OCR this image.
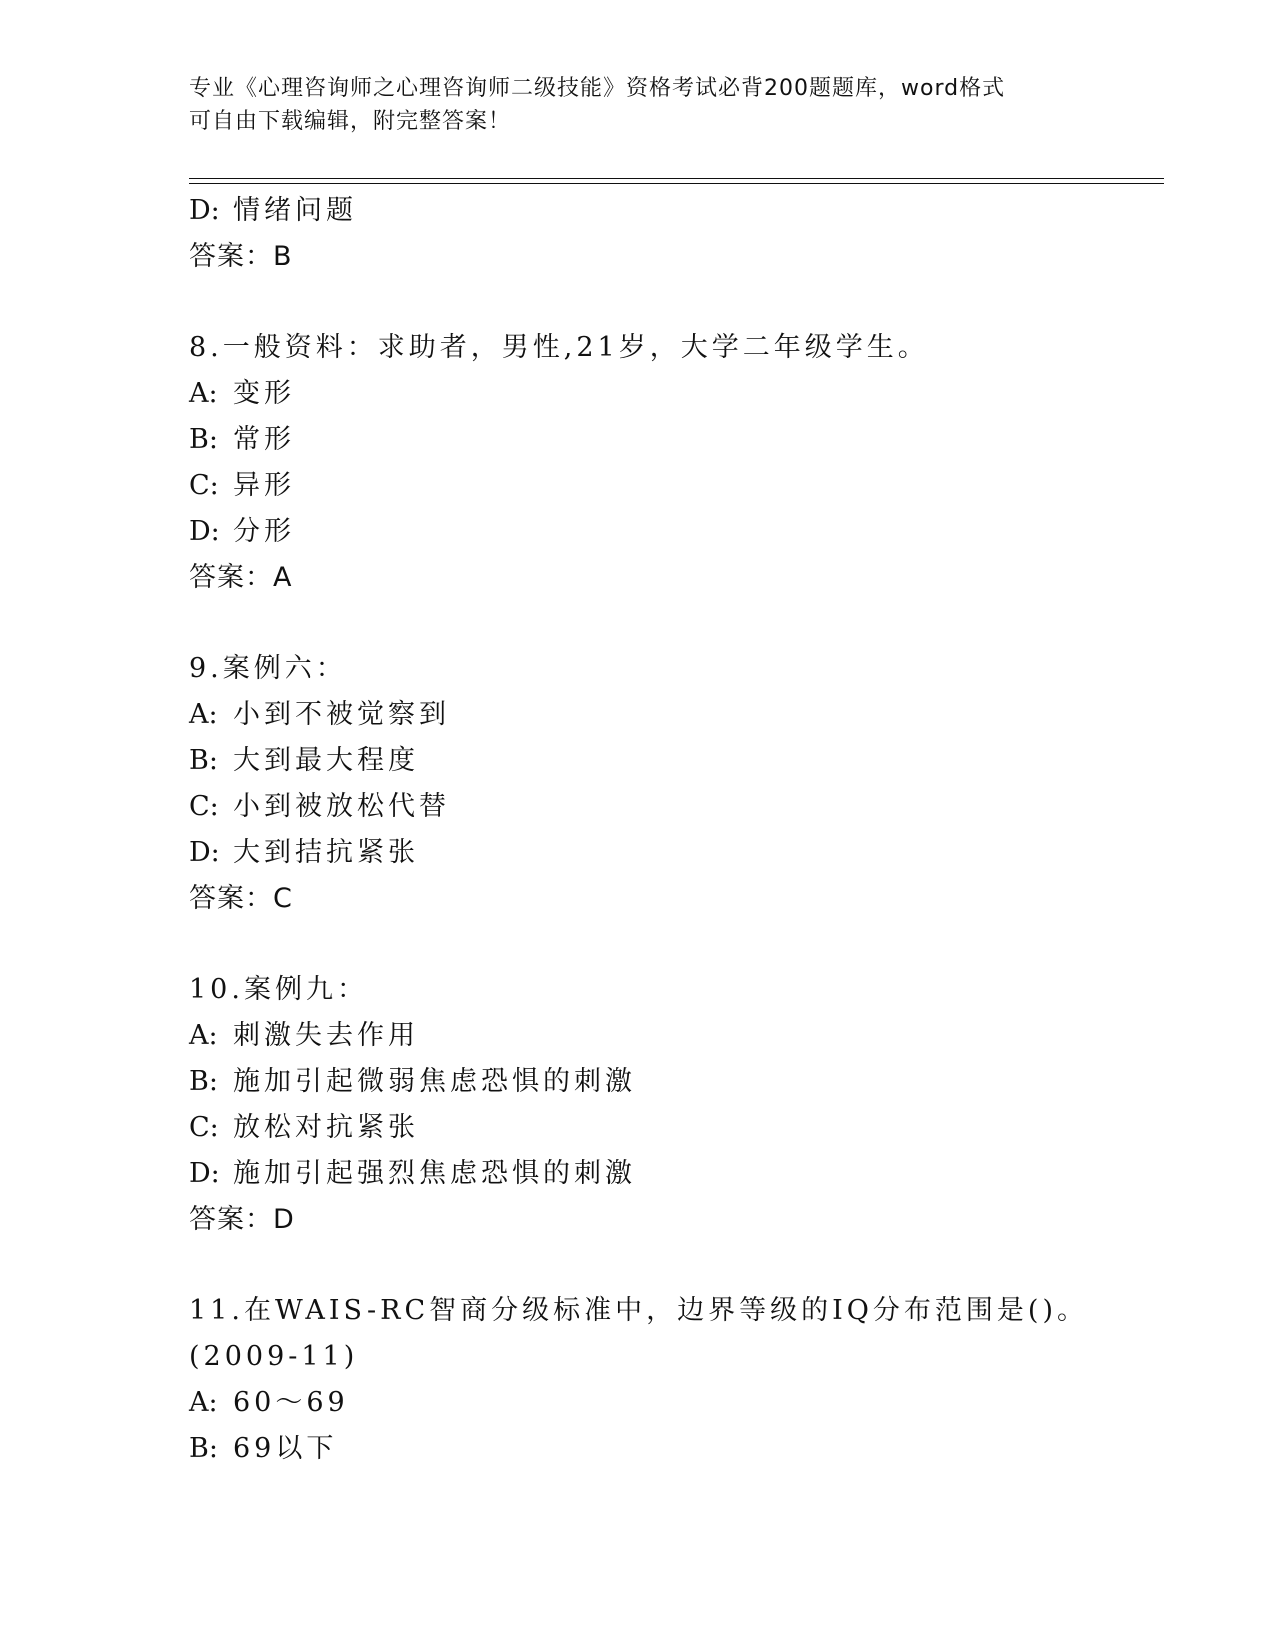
专业《心理咨询师之心理咨询师二级技能》资格考试必背200题题库，word格式
可自由下载编辑，附完整答案！
D: 情绪问题
答案：B
8.一般资料：求助者，男性,21岁，大学二年级学生。
A: 变形
B: 常形
C: 异形
D: 分形
答案：A
9.案例六：
A: 小到不被觉察到
B: 大到最大程度
C: 小到被放松代替
D: 大到拮抗紧张
答案：C
10.案例九：
A: 刺激失去作用
B: 施加引起微弱焦虑恐惧的刺激
C: 放松对抗紧张
D: 施加引起强烈焦虑恐惧的刺激
答案：D
11.在WAIS-RC智商分级标准中，边界等级的IQ分布范围是()。
(2009-11)
A: 60～69
B: 69以下
